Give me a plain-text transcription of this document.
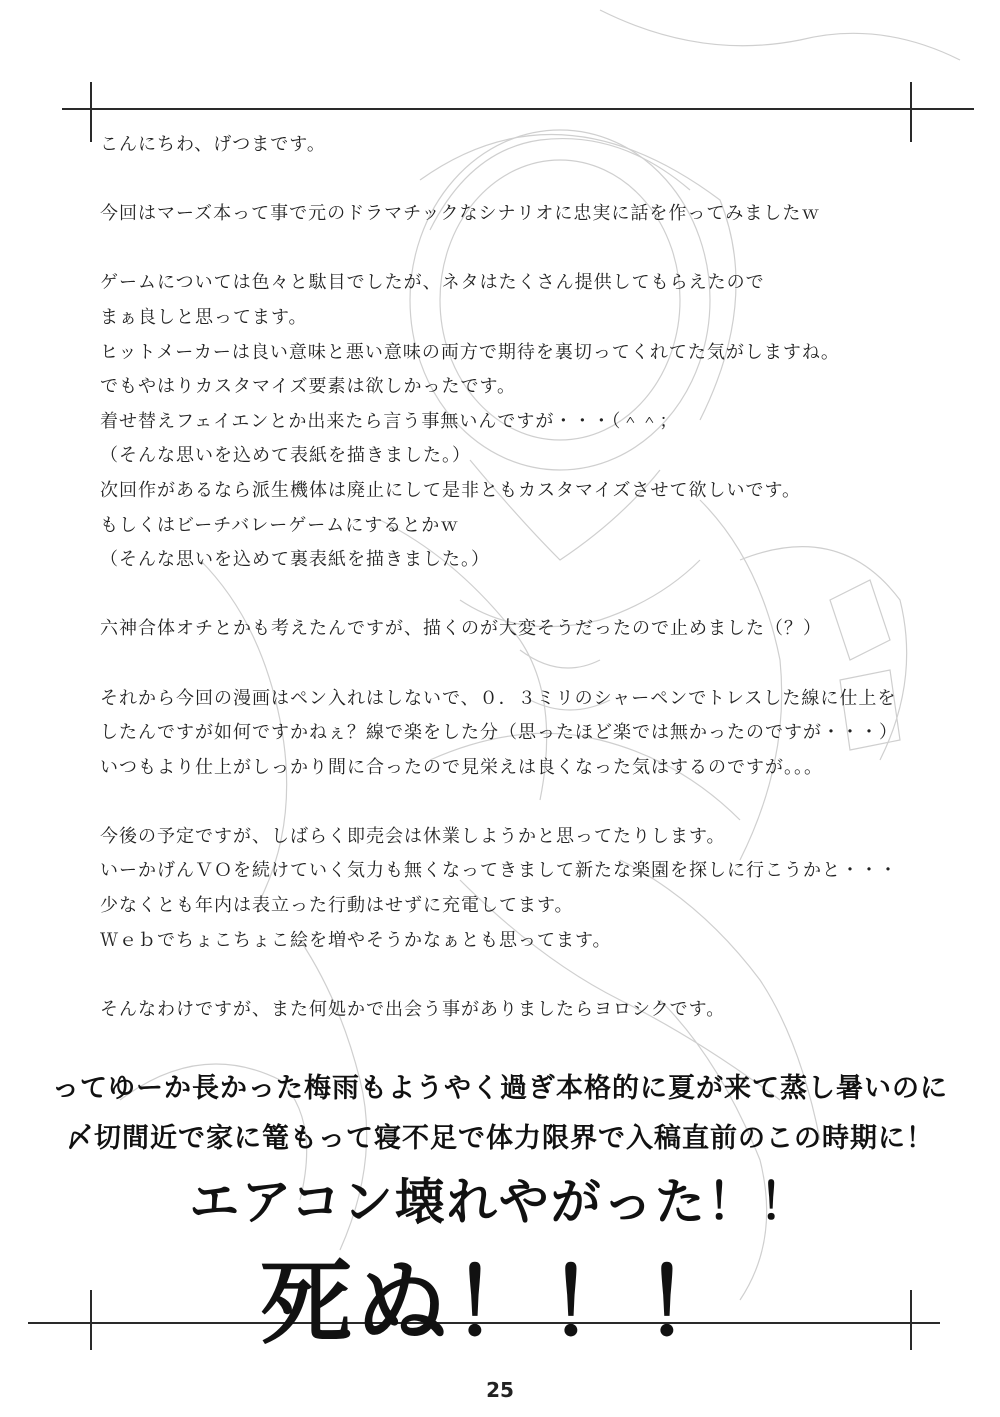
こんにちわ、げつまです。
今回はマーズ本って事で元のドラマチックなシナリオに忠実に話を作ってみましたｗ
ゲームについては色々と駄目でしたが、ネタはたくさん提供してもらえたので
まぁ良しと思ってます。
ヒットメーカーは良い意味と悪い意味の両方で期待を裏切ってくれてた気がしますね。
でもやはりカスタマイズ要素は欲しかったです。
着せ替えフェイエンとか出来たら言う事無いんですが・・・（＾＾；
（そんな思いを込めて表紙を描きました。）
次回作があるなら派生機体は廃止にして是非ともカスタマイズさせて欲しいです。
もしくはビーチバレーゲームにするとかｗ
（そんな思いを込めて裏表紙を描きました。）
六神合体オチとかも考えたんですが、描くのが大変そうだったので止めました（？）
それから今回の漫画はペン入れはしないで、０．３ミリのシャーペンでトレスした線に仕上を
したんですが如何ですかねぇ？線で楽をした分（思ったほど楽では無かったのですが・・・）
いつもより仕上がしっかり間に合ったので見栄えは良くなった気はするのですが。。。
今後の予定ですが、しばらく即売会は休業しようかと思ってたりします。
いーかげんＶＯを続けていく気力も無くなってきまして新たな楽園を探しに行こうかと・・・
少なくとも年内は表立った行動はせずに充電してます。
Ｗｅｂでちょこちょこ絵を増やそうかなぁとも思ってます。
そんなわけですが、また何処かで出会う事がありましたらヨロシクです。
ってゆーか長かった梅雨もようやく過ぎ本格的に夏が来て蒸し暑いのに
〆切間近で家に篭もって寝不足で体力限界で入稿直前のこの時期に！
エアコン壊れやがった！！
死ぬ！！！
25
